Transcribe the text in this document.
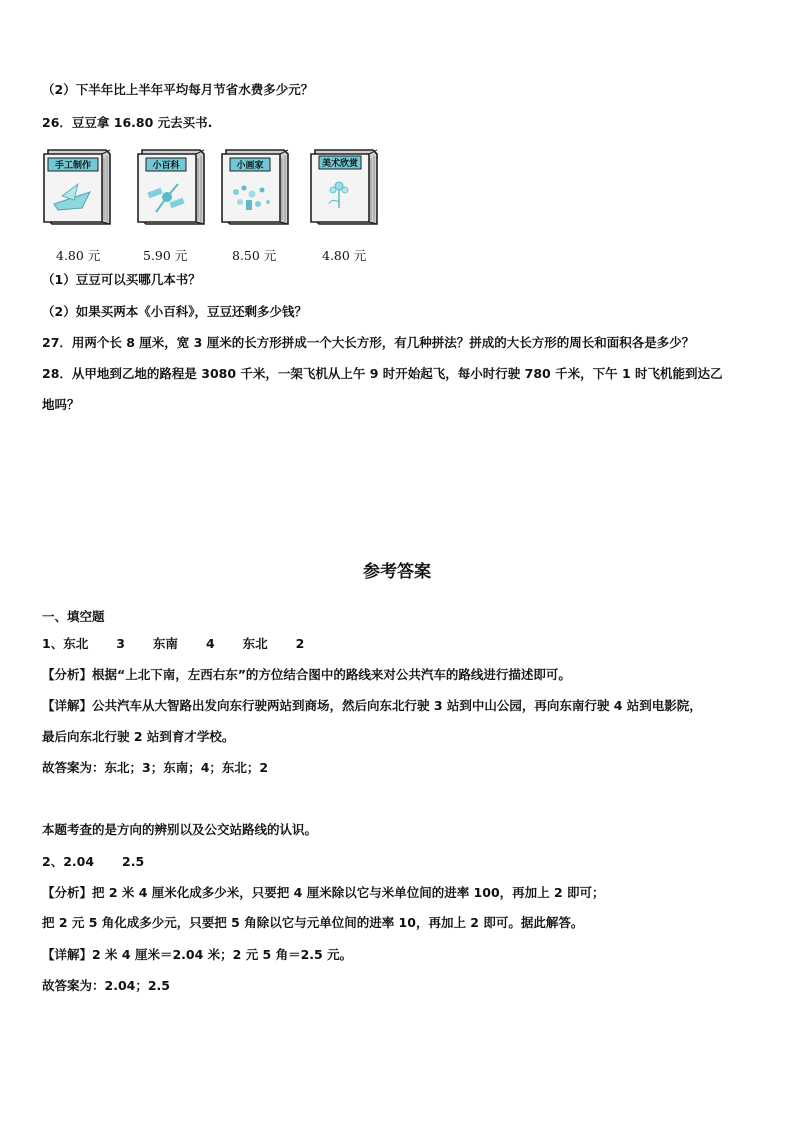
（2）下半年比上半年平均每月节省水费多少元？
26．豆豆拿 16.80 元去买书.
手工制作	小百科	小画家	美术欣赏
4.80 元	5.90 元	8.50 元	4.80 元
（1）豆豆可以买哪几本书？
（2）如果买两本《小百科》，豆豆还剩多少钱？
27．用两个长 8 厘米，宽 3 厘米的长方形拼成一个大长方形，有几种拼法？拼成的大长方形的周长和面积各是多少？
28．从甲地到乙地的路程是 3080 千米，一架飞机从上午 9 时开始起飞，每小时行驶 780 千米，下午 1 时飞机能到达乙
地吗？
参考答案
一、填空题
1、东北 3 东南 4 东北 2
【分析】根据“上北下南，左西右东”的方位结合图中的路线来对公共汽车的路线进行描述即可。
【详解】公共汽车从大智路出发向东行驶两站到商场，然后向东北行驶 3 站到中山公园，再向东南行驶 4 站到电影院，
最后向东北行驶 2 站到育才学校。
故答案为：东北；3；东南；4；东北；2
本题考查的是方向的辨别以及公交站路线的认识。
2、2.04 2.5
【分析】把 2 米 4 厘米化成多少米，只要把 4 厘米除以它与米单位间的进率 100，再加上 2 即可；
把 2 元 5 角化成多少元，只要把 5 角除以它与元单位间的进率 10，再加上 2 即可。据此解答。
【详解】2 米 4 厘米＝2.04 米；2 元 5 角＝2.5 元。
故答案为：2.04；2.5
